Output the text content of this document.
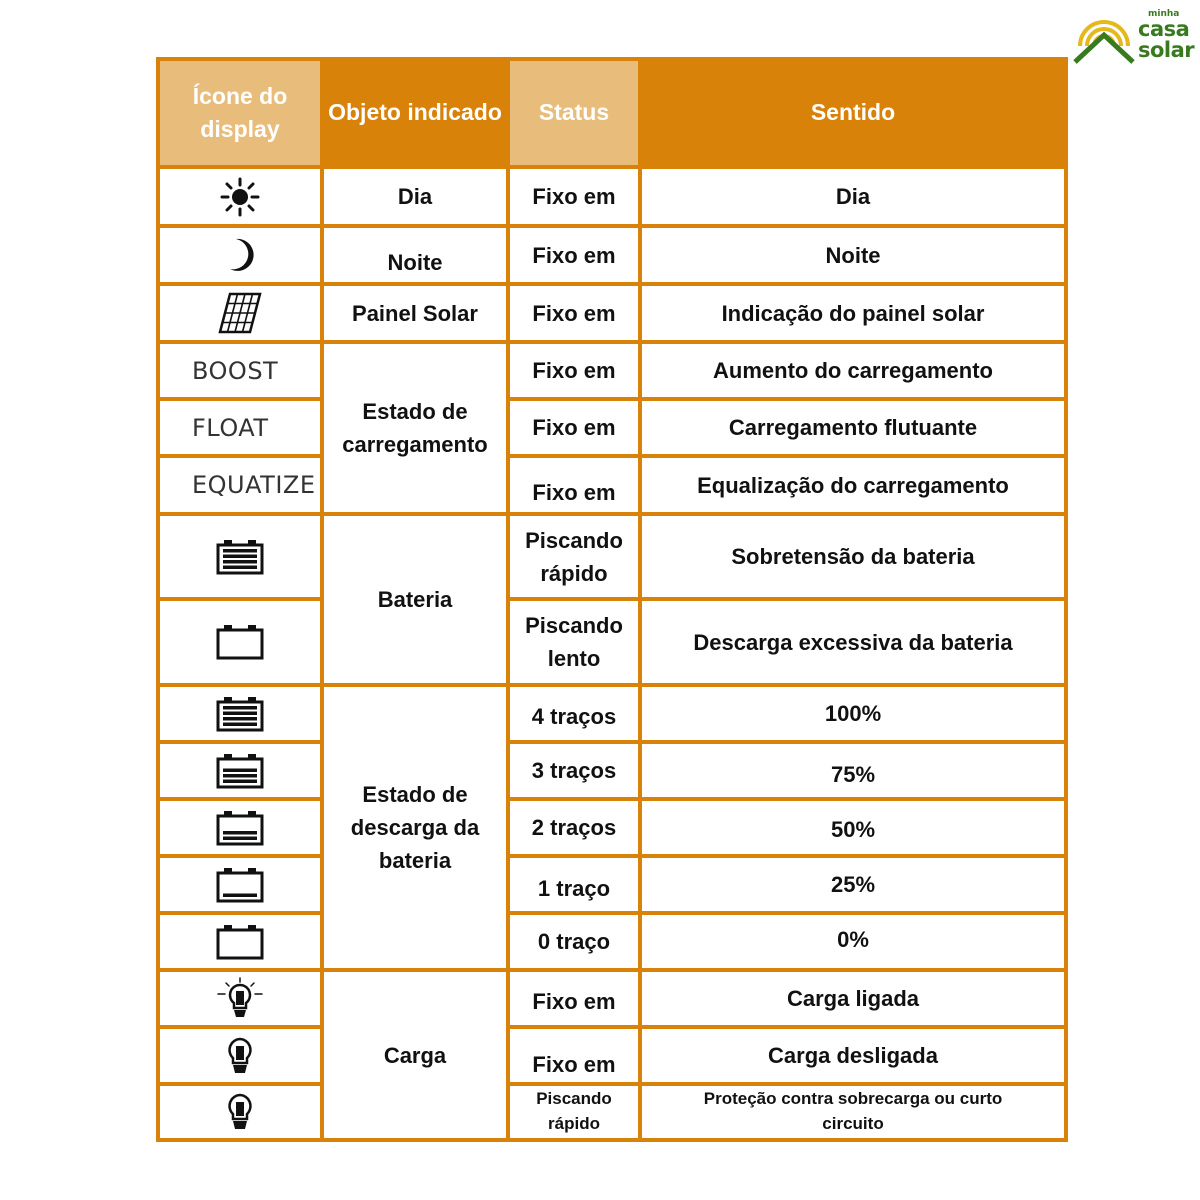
minha
casa
solar
Ícone do display
Objeto indicado	Status	Sentido
BOOST
FLOAT
EQUATIZE
Dia
Noite
Painel Solar
Estado de carregamento
Bateria
Estado de descarga da bateria
Carga
Fixo em
Fixo em
Fixo em
Fixo em
Fixo em
Fixo em
Piscando rápido
Piscando lento
4 traços
3 traços
2 traços
1 traço
0 traço
Fixo em
Fixo em
Piscando rápido
Dia
Noite
Indicação do painel solar
Aumento do carregamento
Carregamento flutuante
Equalização do carregamento
Sobretensão da bateria
Descarga excessiva da bateria
100%
75%
50%
25%
0%
Carga ligada
Carga desligada
Proteção contra sobrecarga ou curto circuito
